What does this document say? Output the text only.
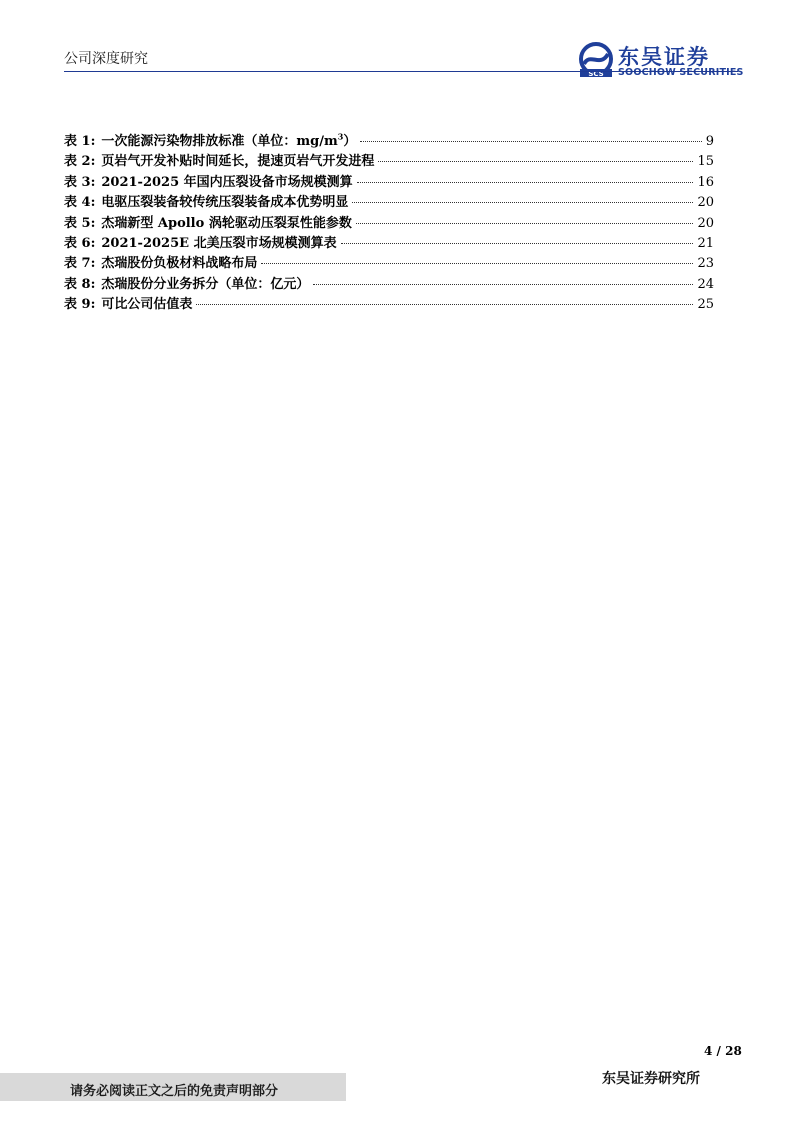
公司深度研究
SCS
东吴证券
SOOCHOW SECURITIES
表 1: 一次能源污染物排放标准（单位：$mg/m^3$）	9
表 2: 页岩气开发补贴时间延长，提速页岩气开发进程	15
表 3: 2021-2025 年国内压裂设备市场规模测算	16
表 4: 电驱压裂装备较传统压裂装备成本优势明显	20
表 5: 杰瑞新型 Apollo 涡轮驱动压裂泵性能参数	20
表 6: 2021-2025E 北美压裂市场规模测算表	21
表 7: 杰瑞股份负极材料战略布局	23
表 8: 杰瑞股份分业务拆分（单位：亿元）	24
表 9: 可比公司估值表	25
4 / 28
请务必阅读正文之后的免责声明部分
东吴证券研究所
